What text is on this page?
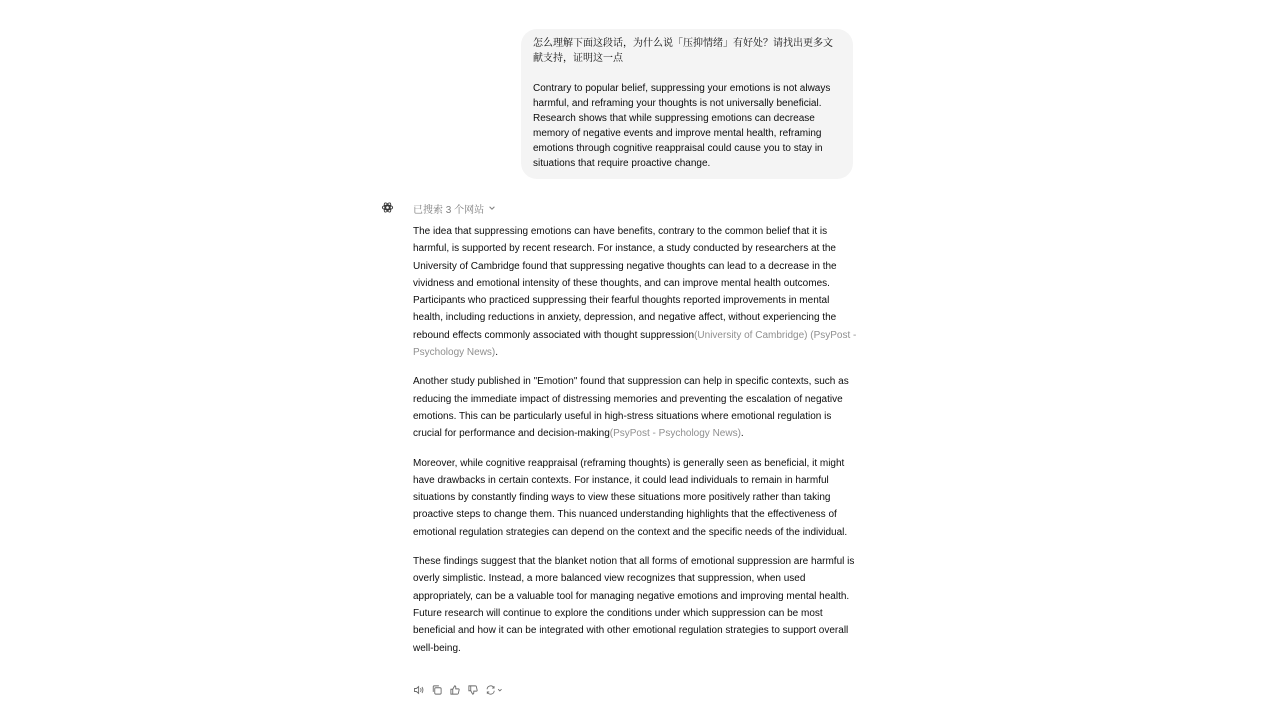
怎么理解下面这段话，为什么说「压抑情绪」有好处？请找出更多文献支持，证明这一点

Contrary to popular belief, suppressing your emotions is not always harmful, and reframing your thoughts is not universally beneficial. Research shows that while suppressing emotions can decrease memory of negative events and improve mental health, reframing emotions through cognitive reappraisal could cause you to stay in situations that require proactive change.

已搜索 3 个网站

The idea that suppressing emotions can have benefits, contrary to the common belief that it is harmful, is supported by recent research. For instance, a study conducted by researchers at the University of Cambridge found that suppressing negative thoughts can lead to a decrease in the vividness and emotional intensity of these thoughts, and can improve mental health outcomes. Participants who practiced suppressing their fearful thoughts reported improvements in mental health, including reductions in anxiety, depression, and negative affect, without experiencing the rebound effects commonly associated with thought suppression(University of Cambridge) (PsyPost - Psychology News).

Another study published in "Emotion" found that suppression can help in specific contexts, such as reducing the immediate impact of distressing memories and preventing the escalation of negative emotions. This can be particularly useful in high-stress situations where emotional regulation is crucial for performance and decision-making(PsyPost - Psychology News).

Moreover, while cognitive reappraisal (reframing thoughts) is generally seen as beneficial, it might have drawbacks in certain contexts. For instance, it could lead individuals to remain in harmful situations by constantly finding ways to view these situations more positively rather than taking proactive steps to change them. This nuanced understanding highlights that the effectiveness of emotional regulation strategies can depend on the context and the specific needs of the individual.

These findings suggest that the blanket notion that all forms of emotional suppression are harmful is overly simplistic. Instead, a more balanced view recognizes that suppression, when used appropriately, can be a valuable tool for managing negative emotions and improving mental health. Future research will continue to explore the conditions under which suppression can be most beneficial and how it can be integrated with other emotional regulation strategies to support overall well-being.
